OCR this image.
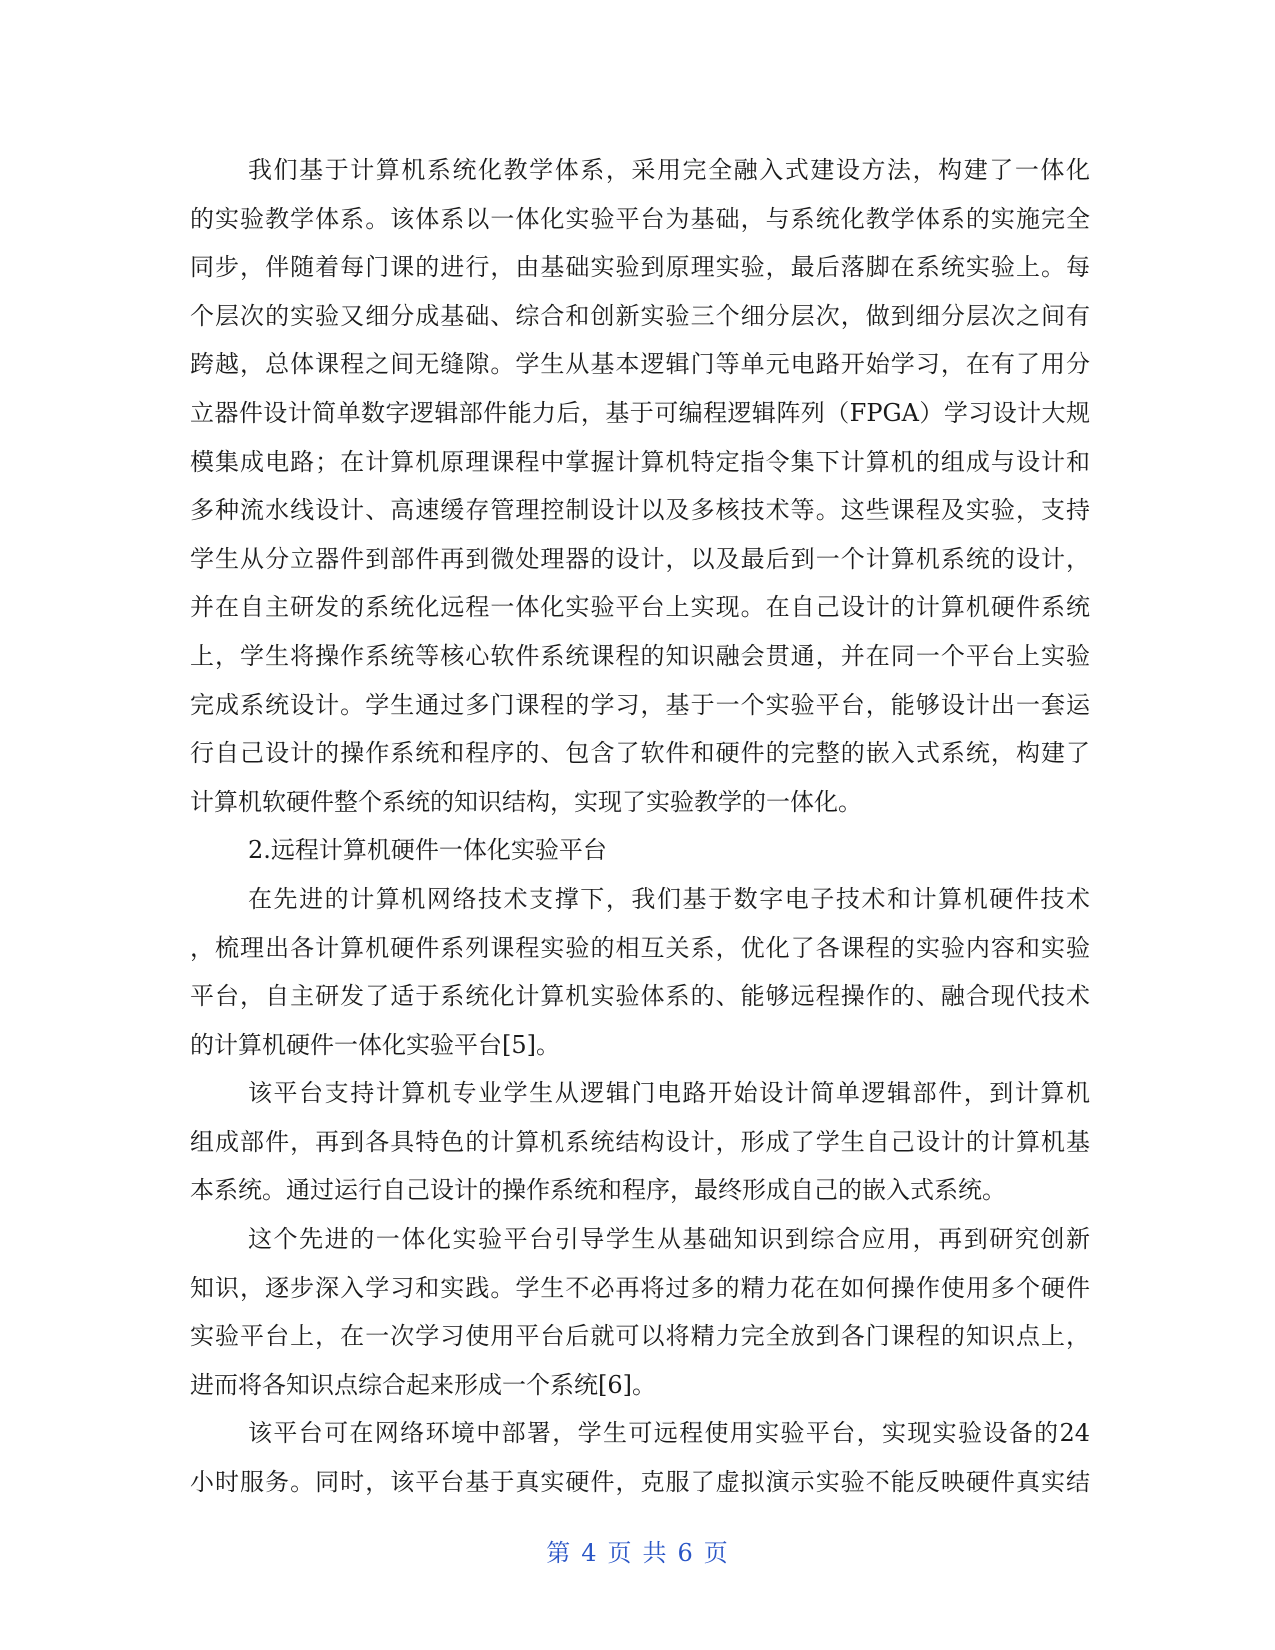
我们基于计算机系统化教学体系，采用完全融入式建设方法，构建了一体化
的实验教学体系。该体系以一体化实验平台为基础，与系统化教学体系的实施完全
同步，伴随着每门课的进行，由基础实验到原理实验，最后落脚在系统实验上。每
个层次的实验又细分成基础、综合和创新实验三个细分层次，做到细分层次之间有
跨越，总体课程之间无缝隙。学生从基本逻辑门等单元电路开始学习，在有了用分
立器件设计简单数字逻辑部件能力后，基于可编程逻辑阵列（FPGA）学习设计大规
模集成电路；在计算机原理课程中掌握计算机特定指令集下计算机的组成与设计和
多种流水线设计、高速缓存管理控制设计以及多核技术等。这些课程及实验，支持
学生从分立器件到部件再到微处理器的设计，以及最后到一个计算机系统的设计，
并在自主研发的系统化远程一体化实验平台上实现。在自己设计的计算机硬件系统
上，学生将操作系统等核心软件系统课程的知识融会贯通，并在同一个平台上实验
完成系统设计。学生通过多门课程的学习，基于一个实验平台，能够设计出一套运
行自己设计的操作系统和程序的、包含了软件和硬件的完整的嵌入式系统，构建了
计算机软硬件整个系统的知识结构，实现了实验教学的一体化。
2.远程计算机硬件一体化实验平台
在先进的计算机网络技术支撑下，我们基于数字电子技术和计算机硬件技术
，梳理出各计算机硬件系列课程实验的相互关系，优化了各课程的实验内容和实验
平台，自主研发了适于系统化计算机实验体系的、能够远程操作的、融合现代技术
的计算机硬件一体化实验平台[5]。
该平台支持计算机专业学生从逻辑门电路开始设计简单逻辑部件，到计算机
组成部件，再到各具特色的计算机系统结构设计，形成了学生自己设计的计算机基
本系统。通过运行自己设计的操作系统和程序，最终形成自己的嵌入式系统。
这个先进的一体化实验平台引导学生从基础知识到综合应用，再到研究创新
知识，逐步深入学习和实践。学生不必再将过多的精力花在如何操作使用多个硬件
实验平台上，在一次学习使用平台后就可以将精力完全放到各门课程的知识点上，
进而将各知识点综合起来形成一个系统[6]。
该平台可在网络环境中部署，学生可远程使用实验平台，实现实验设备的24
小时服务。同时，该平台基于真实硬件，克服了虚拟演示实验不能反映硬件真实结
第 4 页 共 6 页
